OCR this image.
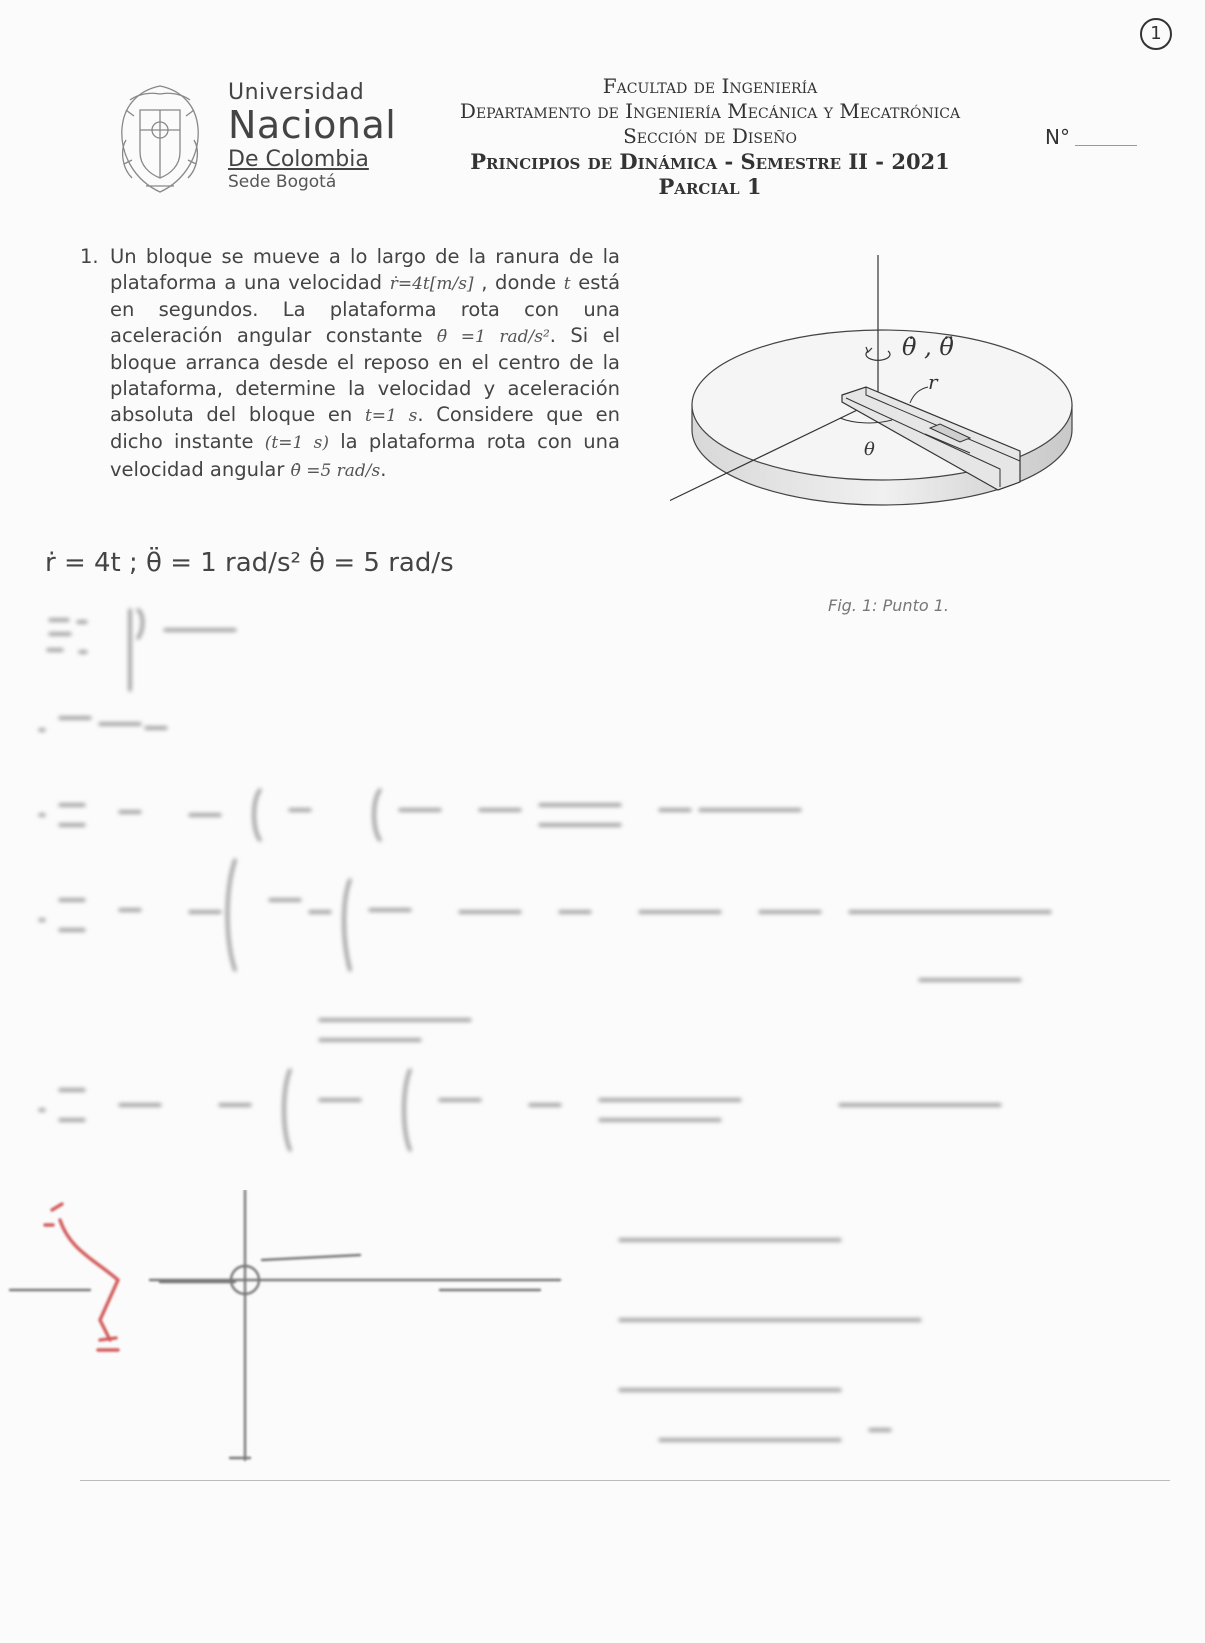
1
Universidad
Nacional
De Colombia
Sede Bogotá
Facultad de Ingeniería
Departamento de Ingeniería Mecánica y Mecatrónica
Sección de Diseño
Principios de Dinámica - Semestre II - 2021
Parcial 1
N°
1. Un bloque se mueve a lo largo de la ranura de la plataforma a una velocidad ṙ=4t[m/s] , donde t está en segundos. La plataforma rota con una aceleración angular constante θ̈ =1 rad/s². Si el bloque arranca desde el reposo en el centro de la plataforma, determine la velocidad y aceleración absoluta del bloque en t=1 s. Considere que en dicho instante (t=1 s) la plataforma rota con una velocidad angular θ̇ =5 rad/s.
θ̇ , θ̈
r
θ
Fig. 1: Punto 1.
ṙ = 4t ; θ̈ = 1 rad/s² θ̇ = 5 rad/s
